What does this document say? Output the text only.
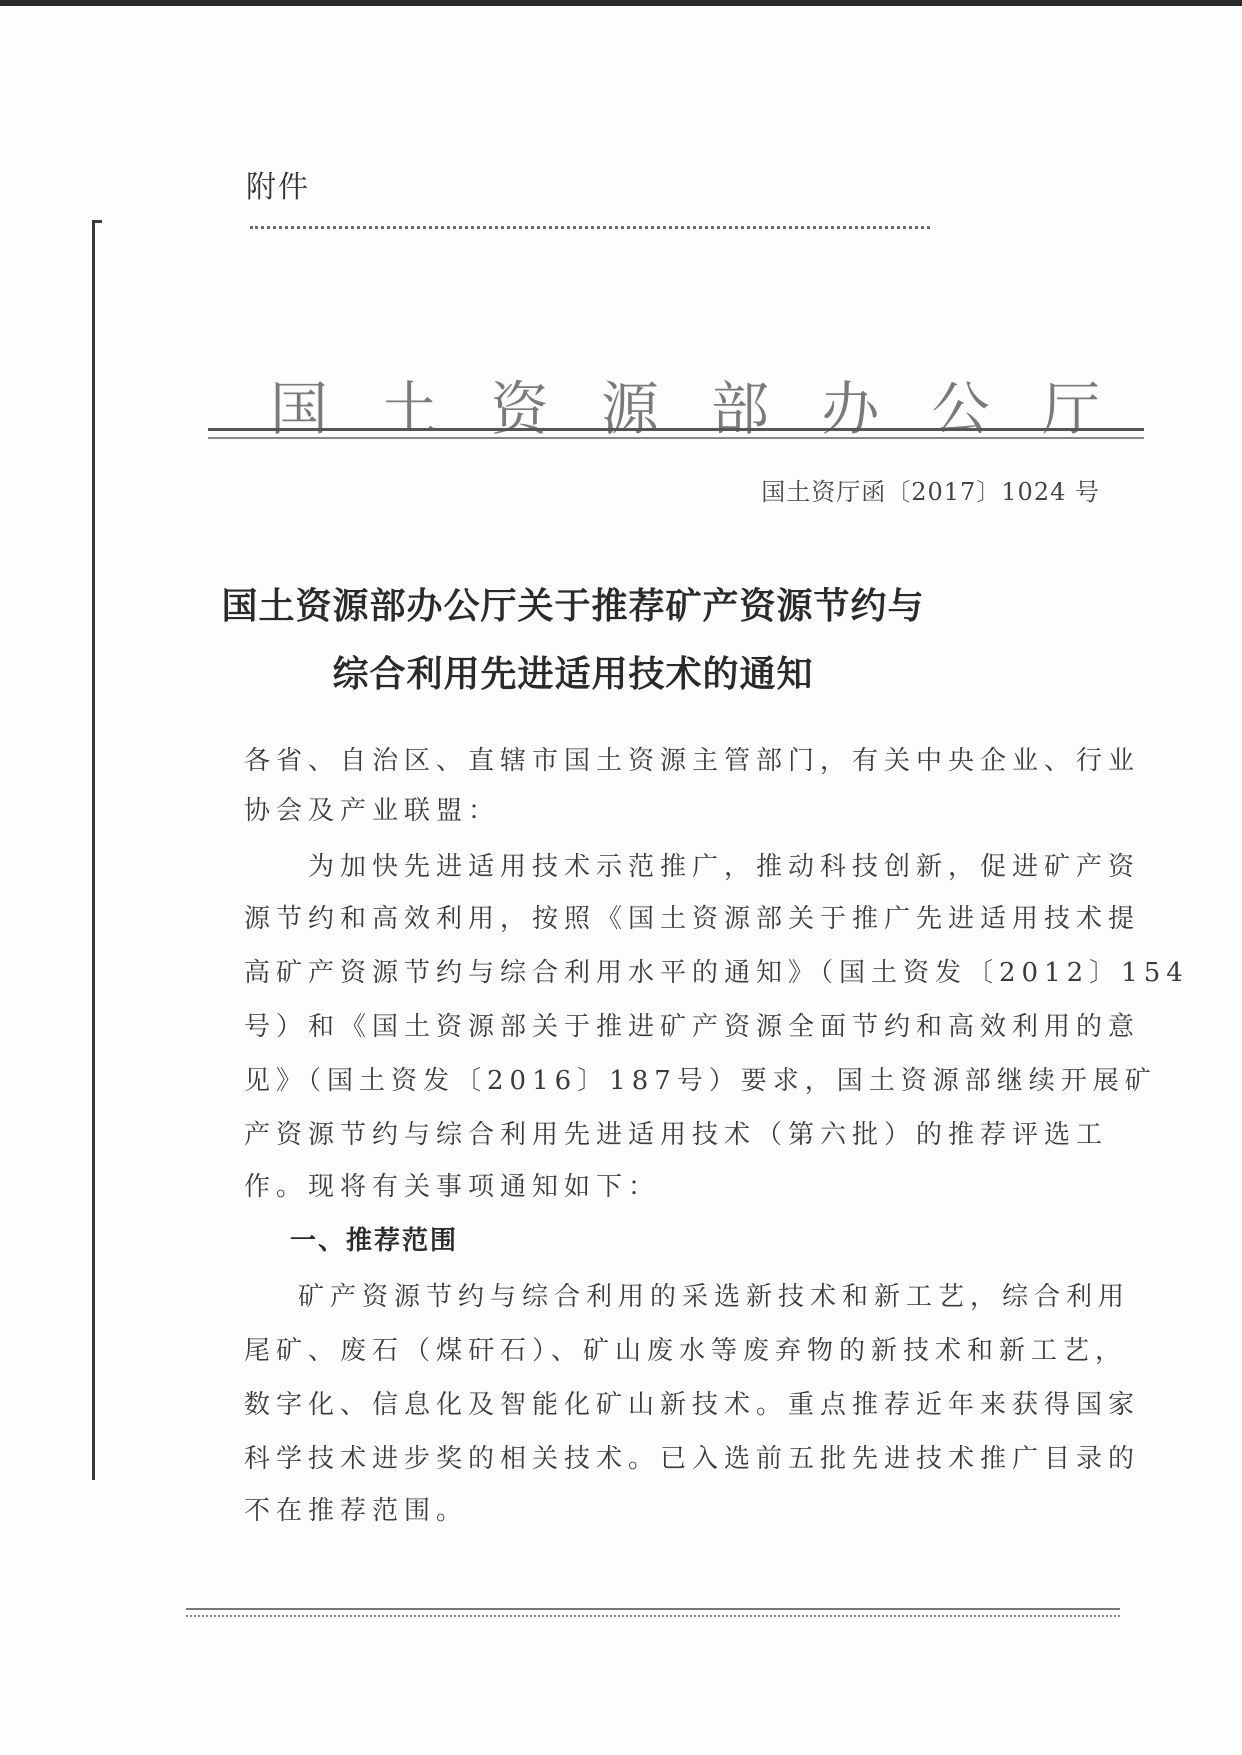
附件
国 土 资 源 部 办 公 厅
国土资厅函〔2017〕1024 号
国土资源部办公厅关于推荐矿产资源节约与
综合利用先进适用技术的通知
各省、自治区、直辖市国土资源主管部门，有关中央企业、行业
协会及产业联盟：
为加快先进适用技术示范推广，推动科技创新，促进矿产资
源节约和高效利用，按照《国土资源部关于推广先进适用技术提
高矿产资源节约与综合利用水平的通知》（国土资发〔2012〕154
号）和《国土资源部关于推进矿产资源全面节约和高效利用的意
见》（国土资发〔2016〕187号）要求，国土资源部继续开展矿
产资源节约与综合利用先进适用技术（第六批）的推荐评选工
作。现将有关事项通知如下：
一、推荐范围
矿产资源节约与综合利用的采选新技术和新工艺，综合利用
尾矿、废石（煤矸石）、矿山废水等废弃物的新技术和新工艺，
数字化、信息化及智能化矿山新技术。重点推荐近年来获得国家
科学技术进步奖的相关技术。已入选前五批先进技术推广目录的
不在推荐范围。
